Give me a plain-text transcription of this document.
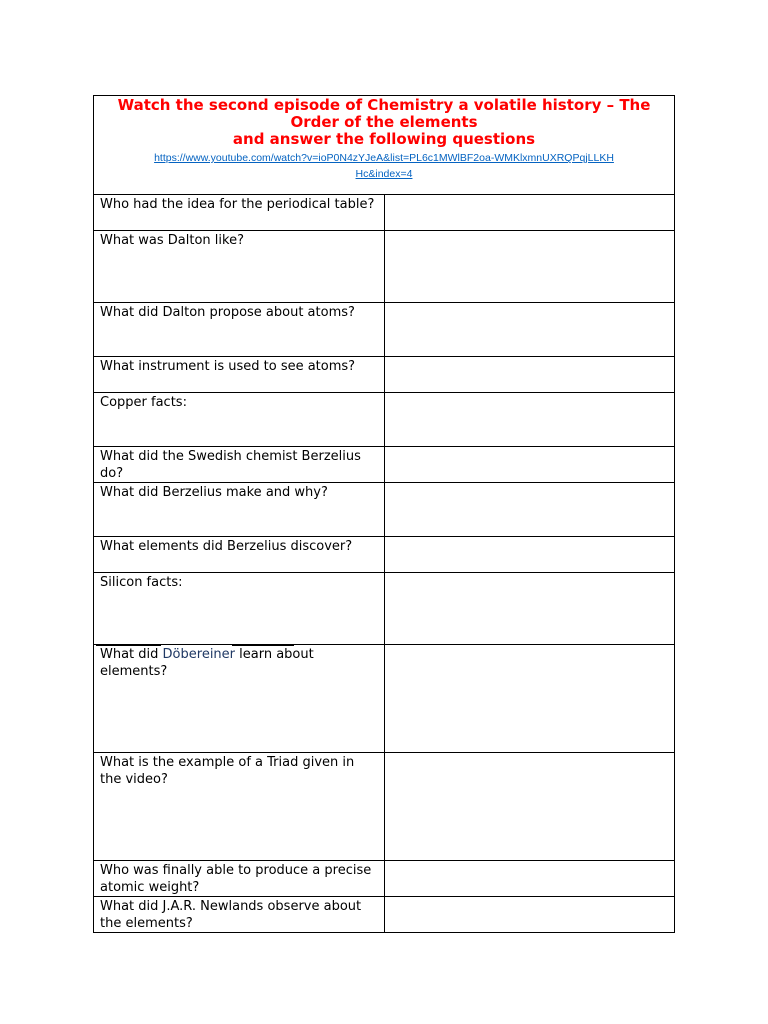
Watch the second episode of Chemistry a volatile history – The
Order of the elements
and answer the following questions
https://www.youtube.com/watch?v=ioP0N4zYJeA&list=PL6c1MWlBF2oa-WMKlxmnUXRQPqjLLKHHc&index=4	

Who had the idea for the periodical table?	
What was Dalton like?	
What did Dalton propose about atoms?	
What instrument is used to see atoms?	
Copper facts:	
What did the Swedish chemist Berzelius do?	
What did Berzelius make and why?	
What elements did Berzelius discover?	
Silicon facts:	
What did Döbereiner learn about elements?	
What is the example of a Triad given in the video?	
Who was finally able to produce a precise atomic weight?	
What did J.A.R. Newlands observe about the elements?	
